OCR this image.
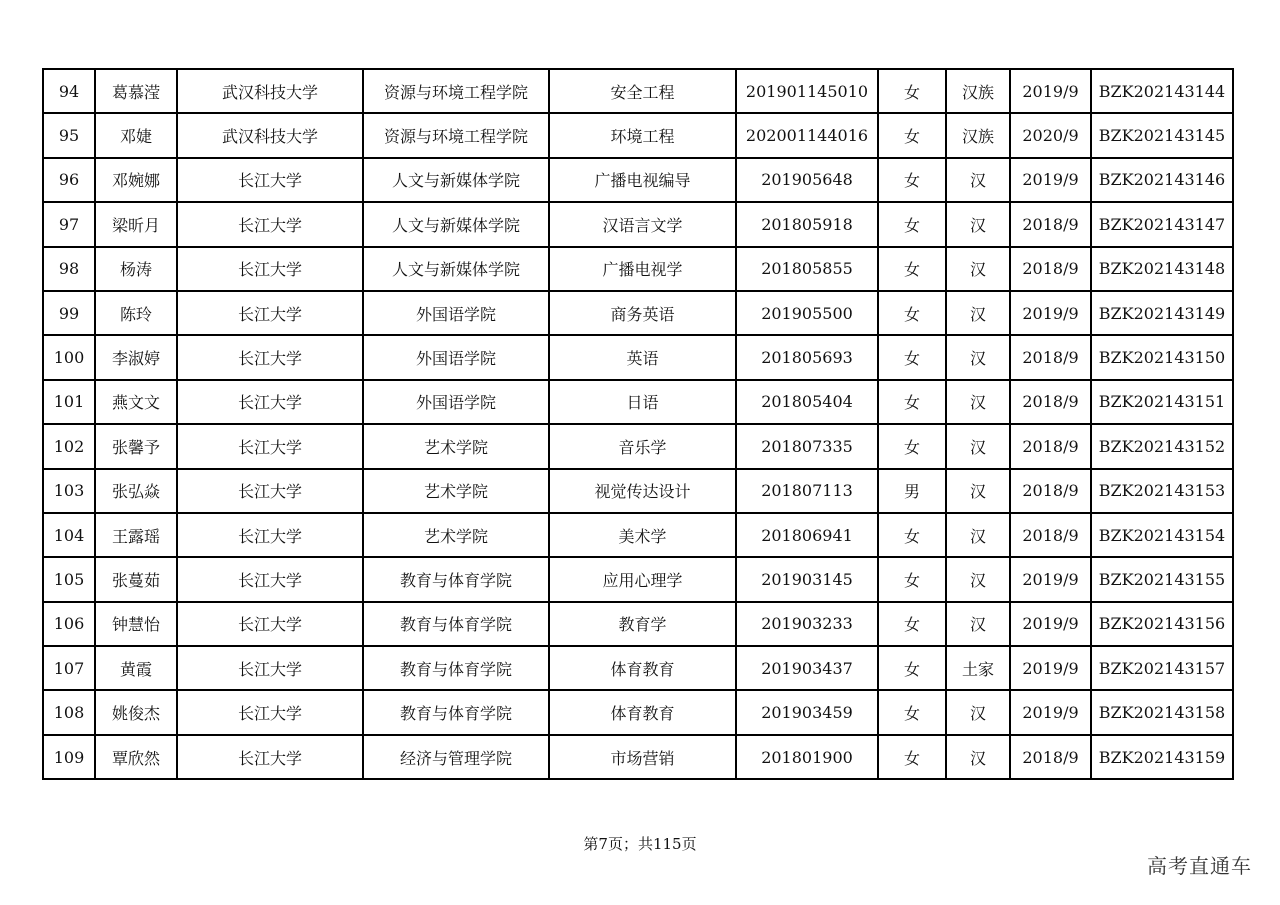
94	葛慕滢	武汉科技大学	资源与环境工程学院	安全工程	201901145010	女	汉族	2019/9	BZK202143144
95	邓婕	武汉科技大学	资源与环境工程学院	环境工程	202001144016	女	汉族	2020/9	BZK202143145
96	邓婉娜	长江大学	人文与新媒体学院	广播电视编导	201905648	女	汉	2019/9	BZK202143146
97	梁昕月	长江大学	人文与新媒体学院	汉语言文学	201805918	女	汉	2018/9	BZK202143147
98	杨涛	长江大学	人文与新媒体学院	广播电视学	201805855	女	汉	2018/9	BZK202143148
99	陈玲	长江大学	外国语学院	商务英语	201905500	女	汉	2019/9	BZK202143149
100	李淑婷	长江大学	外国语学院	英语	201805693	女	汉	2018/9	BZK202143150
101	燕文文	长江大学	外国语学院	日语	201805404	女	汉	2018/9	BZK202143151
102	张馨予	长江大学	艺术学院	音乐学	201807335	女	汉	2018/9	BZK202143152
103	张弘焱	长江大学	艺术学院	视觉传达设计	201807113	男	汉	2018/9	BZK202143153
104	王露瑶	长江大学	艺术学院	美术学	201806941	女	汉	2018/9	BZK202143154
105	张蔓茹	长江大学	教育与体育学院	应用心理学	201903145	女	汉	2019/9	BZK202143155
106	钟慧怡	长江大学	教育与体育学院	教育学	201903233	女	汉	2019/9	BZK202143156
107	黄霞	长江大学	教育与体育学院	体育教育	201903437	女	土家	2019/9	BZK202143157
108	姚俊杰	长江大学	教育与体育学院	体育教育	201903459	女	汉	2019/9	BZK202143158
109	覃欣然	长江大学	经济与管理学院	市场营销	201801900	女	汉	2018/9	BZK202143159
第7页；共115页
高考直通车
